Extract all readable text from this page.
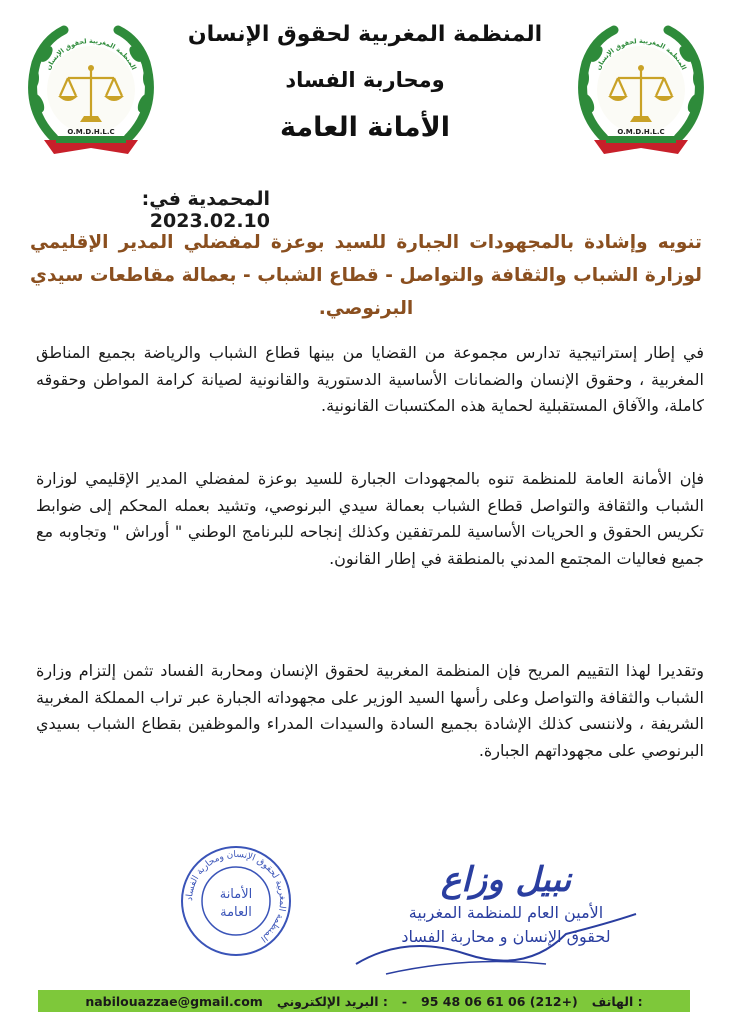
المنظمة المغربية لحقوق الإنسان
O.M.D.H.L.C
المنظمة المغربية لحقوق الإنسان
O.M.D.H.L.C
المنظمة المغربية لحقوق الإنسان
ومحاربة الفساد
الأمانة العامة
المحمدية في: 2023.02.10
تنويه وإشادة بالمجهودات الجبارة للسيد بوعزة لمفضلي المدير الإقليمي لوزارة الشباب والثقافة والتواصل - قطاع الشباب - بعمالة مقاطعات سيدي البرنوصي.
في إطار إستراتيجية تدارس مجموعة من القضايا من بينها قطاع الشباب والرياضة بجميع المناطق المغربية ، وحقوق الإنسان والضمانات الأساسية الدستورية والقانونية لصيانة كرامة المواطن وحقوقه كاملة، والآفاق المستقبلية لحماية هذه المكتسبات القانونية.
فإن الأمانة العامة للمنظمة تنوه بالمجهودات الجبارة للسيد بوعزة لمفضلي المدير الإقليمي لوزارة الشباب والثقافة والتواصل قطاع الشباب بعمالة سيدي البرنوصي، وتشيد بعمله المحكم إلى ضوابط تكريس الحقوق و الحريات الأساسية للمرتفقين وكذلك إنجاحه للبرنامج الوطني " أوراش " وتجاوبه مع جميع فعاليات المجتمع المدني بالمنطقة في إطار القانون.
وتقديرا لهذا التقييم المريح فإن المنظمة المغربية لحقوق الإنسان ومحاربة الفساد تثمن إلتزام وزارة الشباب والثقافة والتواصل وعلى رأسها السيد الوزير على مجهوداته الجبارة عبر تراب المملكة المغربية الشريفة ، ولاننسى كذلك الإشادة بجميع السادة والسيدات المدراء والموظفين بقطاع الشباب بسيدي البرنوصي على مجهوداتهم الجبارة.
المنظمة المغربية لحقوق الإنسان ومحاربة الفساد
الأمانة
العامة
نبيل وزاع
الأمين العام للمنظمة المغربية
لحقوق الإنسان و محاربة الفساد
nabilouazzae@gmail.com البريد الإلكتروني : - 95 48 06 61 06 (212+) الهاتف :
